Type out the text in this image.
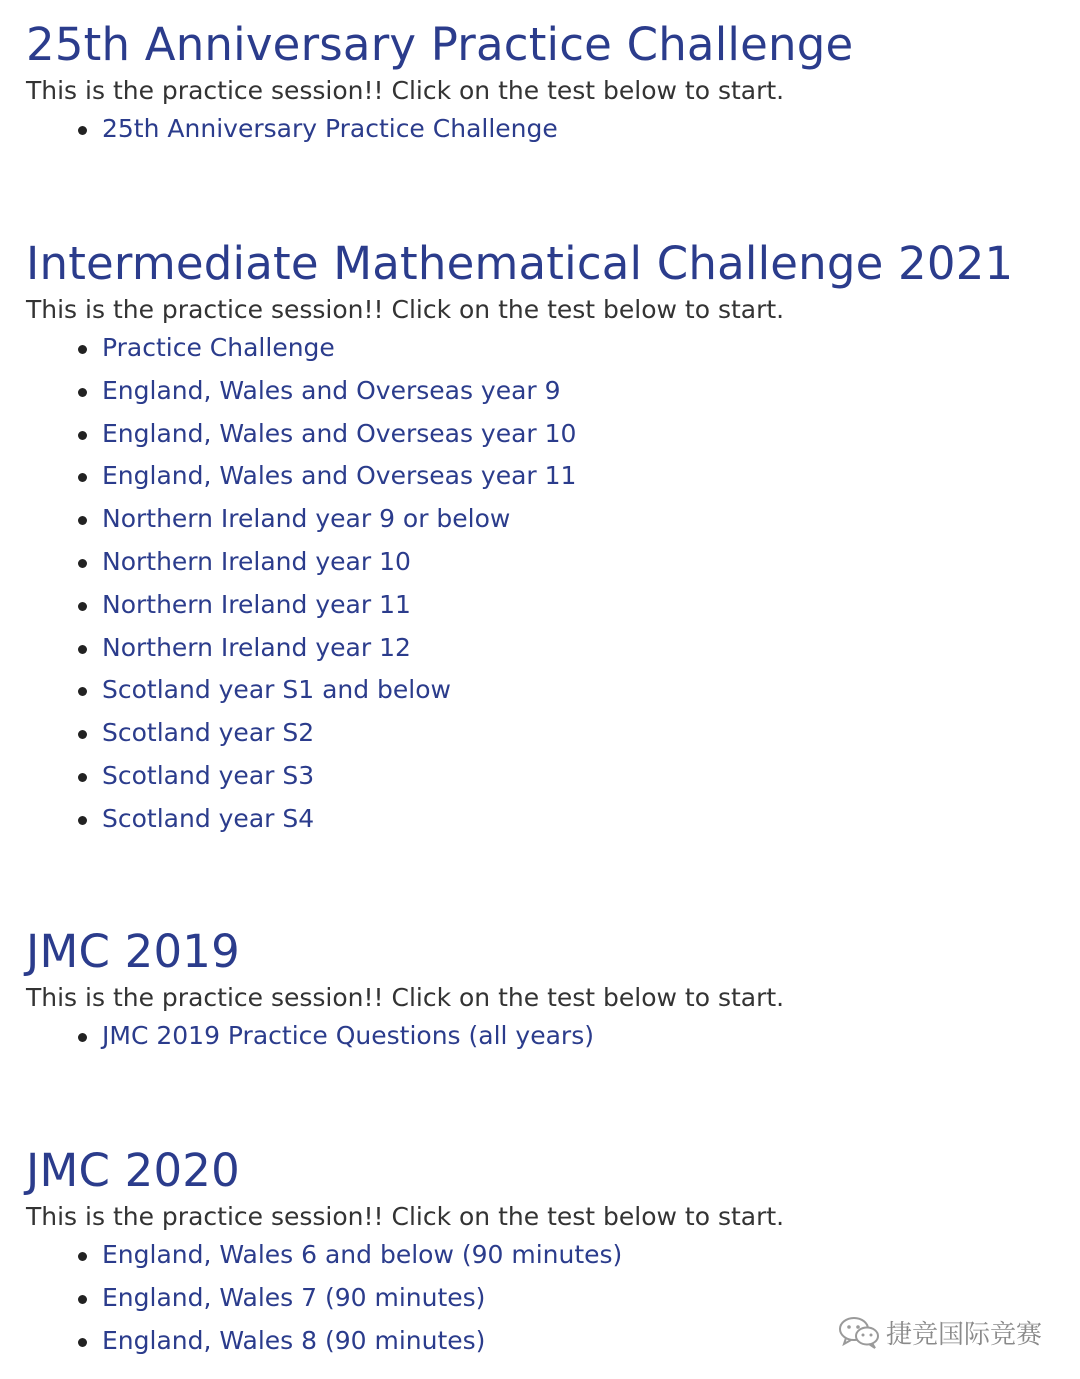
25th Anniversary Practice Challenge

This is the practice session!! Click on the test below to start.

25th Anniversary Practice Challenge
Intermediate Mathematical Challenge 2021

This is the practice session!! Click on the test below to start.

Practice Challenge
England, Wales and Overseas year 9
England, Wales and Overseas year 10
England, Wales and Overseas year 11
Northern Ireland year 9 or below
Northern Ireland year 10
Northern Ireland year 11
Northern Ireland year 12
Scotland year S1 and below
Scotland year S2
Scotland year S3
Scotland year S4
JMC 2019

This is the practice session!! Click on the test below to start.

JMC 2019 Practice Questions (all years)
JMC 2020

This is the practice session!! Click on the test below to start.

England, Wales 6 and below (90 minutes)
England, Wales 7 (90 minutes)
England, Wales 8 (90 minutes)	捷竞国际竞赛
